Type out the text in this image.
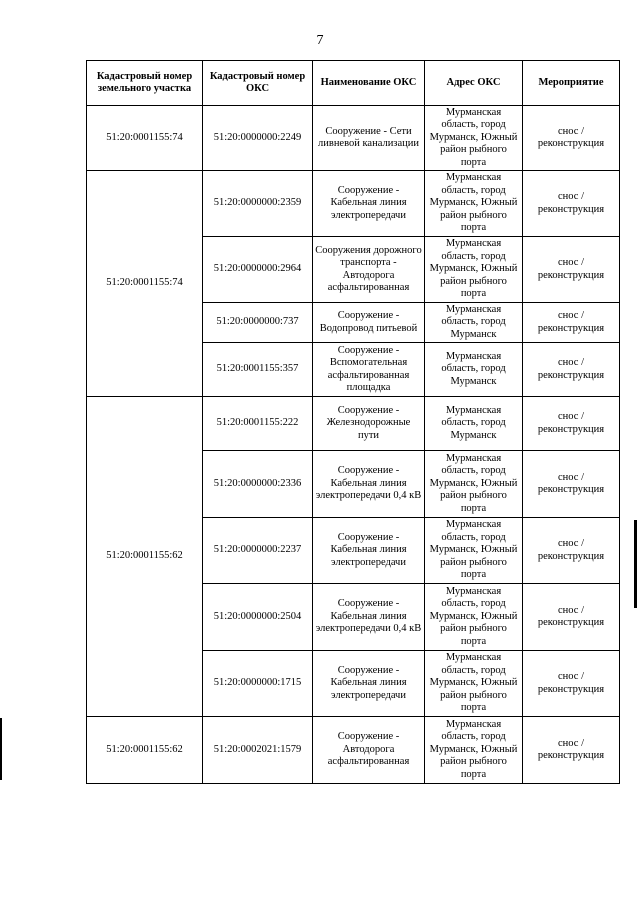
7
Кадастровый номер земельного участка	Кадастровый номер ОКС	Наименование ОКС	Адрес ОКС	Мероприятие
51:20:0001155:74	51:20:0000000:2249	Сооружение - Сети ливневой канализации	Мурманская область, город Мурманск, Южный район рыбного порта	снос / реконструкция
51:20:0001155:74	51:20:0000000:2359	Сооружение - Кабельная линия электропередачи	Мурманская область, город Мурманск, Южный район рыбного порта	снос / реконструкция
	51:20:0000000:2964	Сооружения дорожного транспорта - Автодорога асфальтированная	Мурманская область, город Мурманск, Южный район рыбного порта	снос / реконструкция
	51:20:0000000:737	Сооружение - Водопровод питьевой	Мурманская область, город Мурманск	снос / реконструкция
	51:20:0001155:357	Сооружение - Вспомогательная асфальтированная площадка	Мурманская область, город Мурманск	снос / реконструкция
51:20:0001155:62	51:20:0001155:222	Сооружение - Железнодорожные пути	Мурманская область, город Мурманск	снос / реконструкция
	51:20:0000000:2336	Сооружение - Кабельная линия электропередачи 0,4 кВ	Мурманская область, город Мурманск, Южный район рыбного порта	снос / реконструкция
	51:20:0000000:2237	Сооружение - Кабельная линия электропередачи	Мурманская область, город Мурманск, Южный район рыбного порта	снос / реконструкция
	51:20:0000000:2504	Сооружение - Кабельная линия электропередачи 0,4 кВ	Мурманская область, город Мурманск, Южный район рыбного порта	снос / реконструкция
	51:20:0000000:1715	Сооружение - Кабельная линия электропередачи	Мурманская область, город Мурманск, Южный район рыбного порта	снос / реконструкция
51:20:0001155:62	51:20:0002021:1579	Сооружение - Автодорога асфальтированная	Мурманская область, город Мурманск, Южный район рыбного порта	снос / реконструкция
